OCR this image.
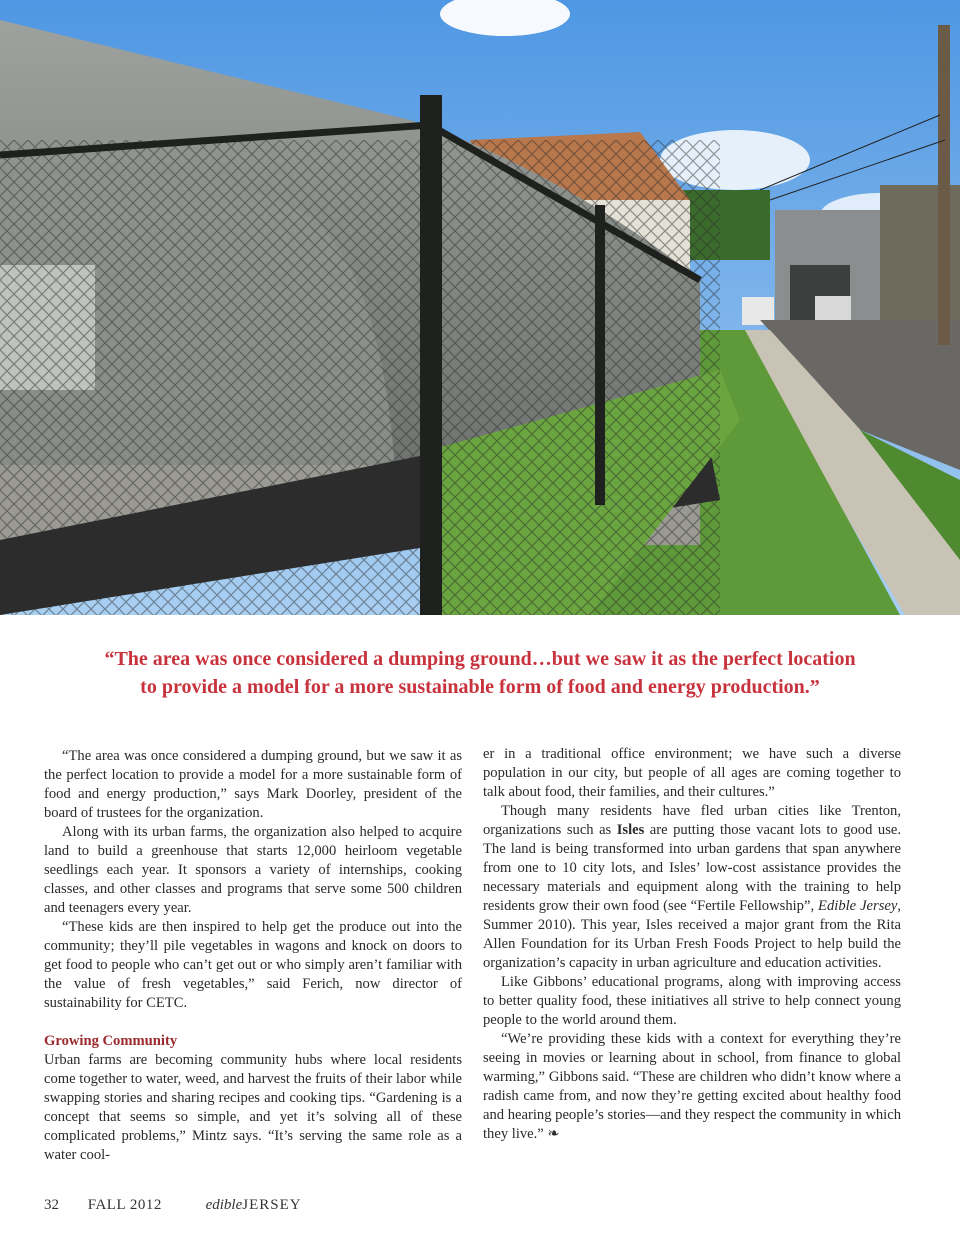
“The area was once considered a dumping ground…but we saw it as the perfect location
to provide a model for a more sustainable form of food and energy production.”

“The area was once considered a dumping ground, but we saw it as the perfect location to provide a model for a more sustainable form of food and energy production,” says Mark Doorley, president of the board of trustees for the organization.

Along with its urban farms, the organization also helped to acquire land to build a greenhouse that starts 12,000 heirloom vegetable seedlings each year. It sponsors a variety of internships, cooking classes, and other classes and programs that serve some 500 children and teenagers every year.

“These kids are then inspired to help get the produce out into the community; they’ll pile vegetables in wagons and knock on doors to get food to people who can’t get out or who simply aren’t familiar with the value of fresh vegetables,” said Ferich, now director of sustainability for CETC.

Growing Community

Urban farms are becoming community hubs where local residents come together to water, weed, and harvest the fruits of their labor while swapping stories and sharing recipes and cooking tips. “Gardening is a concept that seems so simple, and yet it’s solving all of these complicated problems,” Mintz says. “It’s serving the same role as a water cool-

er in a traditional office environment; we have such a diverse population in our city, but people of all ages are coming together to talk about food, their families, and their cultures.”

Though many residents have fled urban cities like Trenton, organizations such as Isles are putting those vacant lots to good use. The land is being transformed into urban gardens that span anywhere from one to 10 city lots, and Isles’ low-cost assistance provides the necessary materials and equipment along with the training to help residents grow their own food (see “Fertile Fellowship”, Edible Jersey, Summer 2010). This year, Isles received a major grant from the Rita Allen Foundation for its Urban Fresh Foods Project to help build the organization’s capacity in urban agriculture and education activities.

Like Gibbons’ educational programs, along with improving access to better quality food, these initiatives all strive to help connect young people to the world around them.

“We’re providing these kids with a context for everything they’re seeing in movies or learning about in school, from finance to global warming,” Gibbons said. “These are children who didn’t know where a radish came from, and now they’re getting excited about healthy food and hearing people’s stories—and they respect the community in which they live.” ❧

32 FALL 2012	edibleJERSEY
